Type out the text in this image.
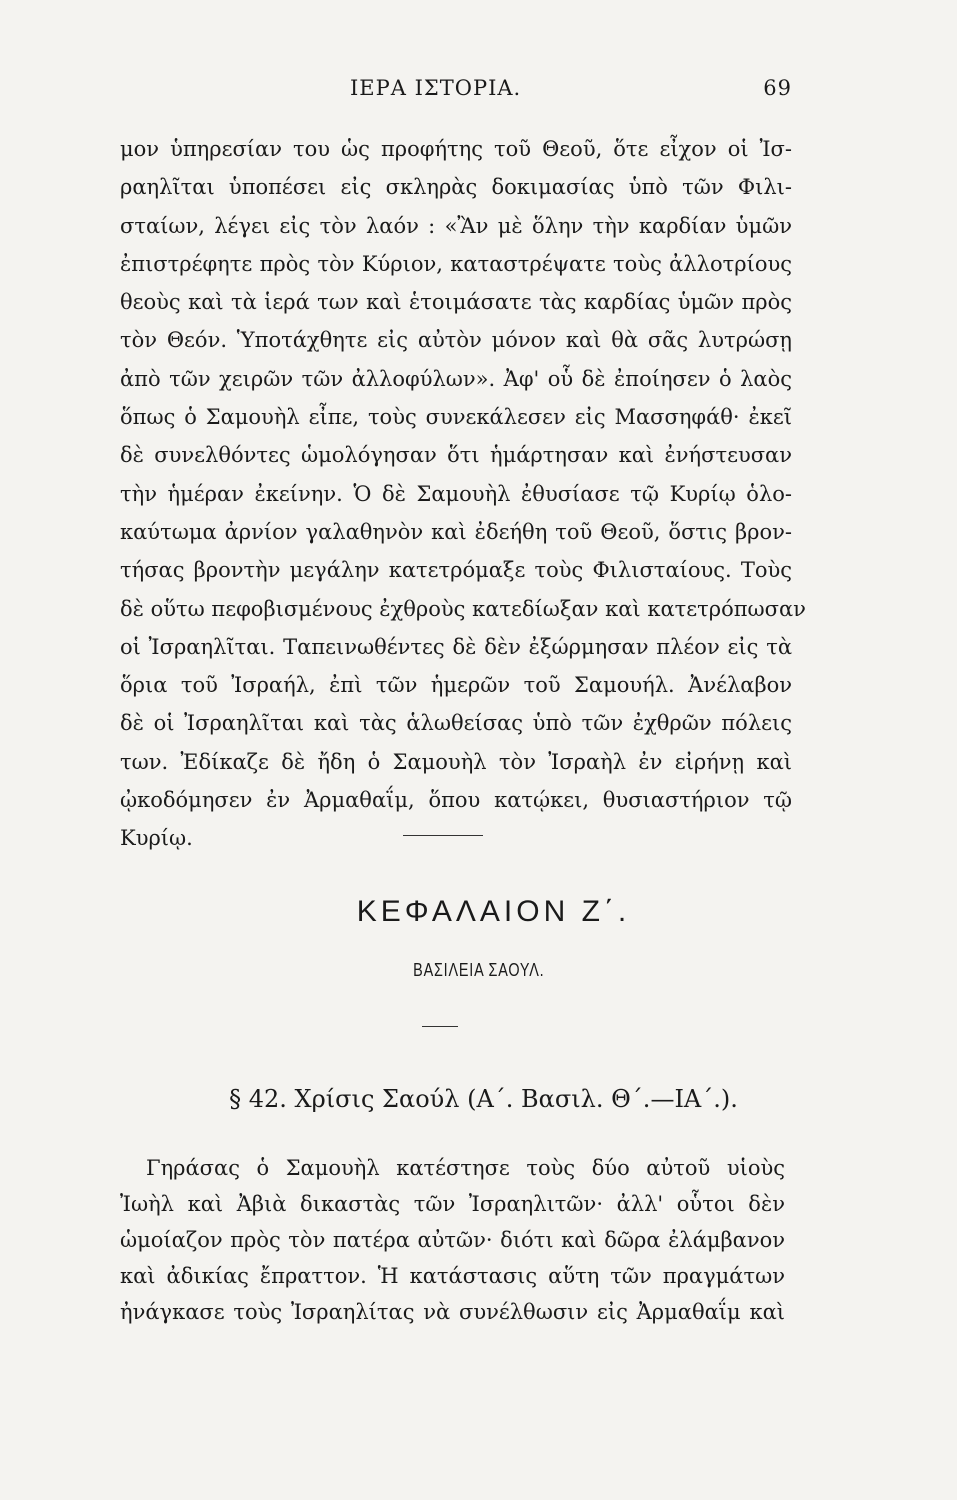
ΙΕΡΑ ΙΣΤΟΡΙΑ.	69
μον ὑπηρεσίαν του ὡς προφήτης τοῦ Θεοῦ, ὅτε εἶχον οἱ Ἰσ-
ραηλῖται ὑποπέσει εἰς σκληρὰς δοκιμασίας ὑπὸ τῶν Φιλι-
σταίων, λέγει εἰς τὸν λαόν : «Ἂν μὲ ὅλην τὴν καρδίαν ὑμῶν
ἐπιστρέφητε πρὸς τὸν Κύριον, καταστρέψατε τοὺς ἀλλοτρίους
θεοὺς καὶ τὰ ἱερά των καὶ ἑτοιμάσατε τὰς καρδίας ὑμῶν πρὸς
τὸν Θεόν. Ὑποτάχθητε εἰς αὐτὸν μόνον καὶ θὰ σᾶς λυτρώσῃ
ἀπὸ τῶν χειρῶν τῶν ἀλλοφύλων». Ἀφ' οὗ δὲ ἐποίησεν ὁ λαὸς
ὅπως ὁ Σαμουὴλ εἶπε, τοὺς συνεκάλεσεν εἰς Μασσηφάθ· ἐκεῖ
δὲ συνελθόντες ὡμολόγησαν ὅτι ἡμάρτησαν καὶ ἐνήστευσαν
τὴν ἡμέραν ἐκείνην. Ὁ δὲ Σαμουὴλ ἐθυσίασε τῷ Κυρίῳ ὁλο-
καύτωμα ἀρνίον γαλαθηνὸν καὶ ἐδεήθη τοῦ Θεοῦ, ὅστις βρον-
τήσας βροντὴν μεγάλην κατετρόμαξε τοὺς Φιλισταίους. Τοὺς
δὲ οὕτω πεφοβισμένους ἐχθροὺς κατεδίωξαν καὶ κατετρόπωσαν
οἱ Ἰσραηλῖται. Ταπεινωθέντες δὲ δὲν ἐξώρμησαν πλέον εἰς τὰ
ὅρια τοῦ Ἰσραήλ, ἐπὶ τῶν ἡμερῶν τοῦ Σαμουήλ. Ἀνέλαβον
δὲ οἱ Ἰσραηλῖται καὶ τὰς ἁλωθείσας ὑπὸ τῶν ἐχθρῶν πόλεις
των. Ἐδίκαζε δὲ ἤδη ὁ Σαμουὴλ τὸν Ἰσραὴλ ἐν εἰρήνῃ καὶ
ᾠκοδόμησεν ἐν Ἀρμαθαΐμ, ὅπου κατῴκει, θυσιαστήριον τῷ
Κυρίῳ.
ΚΕΦΑΛΑΙΟΝ Ζ΄.
ΒΑΣΙΛΕΙΑ ΣΑΟΥΛ.
§ 42. Χρίσις Σαούλ (Α΄. Βασιλ. Θ΄.—ΙΑ΄.).
Γηράσας ὁ Σαμουὴλ κατέστησε τοὺς δύο αὐτοῦ υἱοὺς
Ἰωὴλ καὶ Ἀβιὰ δικαστὰς τῶν Ἰσραηλιτῶν· ἀλλ' οὗτοι δὲν
ὡμοίαζον πρὸς τὸν πατέρα αὐτῶν· διότι καὶ δῶρα ἐλάμβανον
καὶ ἀδικίας ἔπραττον. Ἡ κατάστασις αὕτη τῶν πραγμάτων
ἠνάγκασε τοὺς Ἰσραηλίτας νὰ συνέλθωσιν εἰς Ἀρμαθαΐμ καὶ
